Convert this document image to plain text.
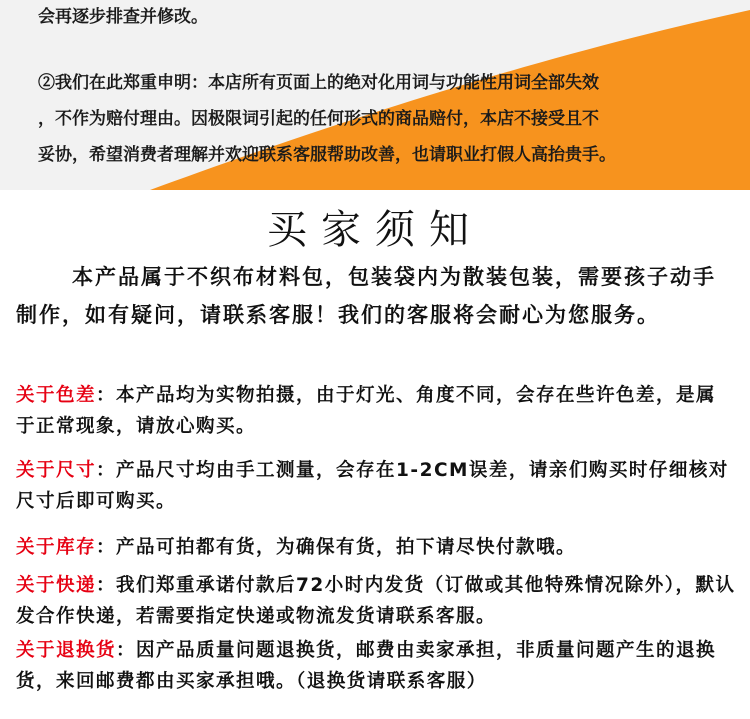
会再逐步排查并修改。
②我们在此郑重申明：本店所有页面上的绝对化用词与功能性用词全部失效
，不作为赔付理由。因极限词引起的任何形式的商品赔付，本店不接受且不
妥协，希望消费者理解并欢迎联系客服帮助改善，也请职业打假人高抬贵手。
买家须知
本产品属于不织布材料包，包装袋内为散装包装，需要孩子动手制作，如有疑问，请联系客服！我们的客服将会耐心为您服务。
关于色差：本产品均为实物拍摄，由于灯光、角度不同，会存在些许色差，是属于正常现象，请放心购买。
关于尺寸：产品尺寸均由手工测量，会存在1-2CM误差，请亲们购买时仔细核对尺寸后即可购买。
关于库存：产品可拍都有货，为确保有货，拍下请尽快付款哦。
关于快递：我们郑重承诺付款后72小时内发货（订做或其他特殊情况除外），默认发合作快递，若需要指定快递或物流发货请联系客服。
关于退换货：因产品质量问题退换货，邮费由卖家承担，非质量问题产生的退换货，来回邮费都由买家承担哦。（退换货请联系客服）
